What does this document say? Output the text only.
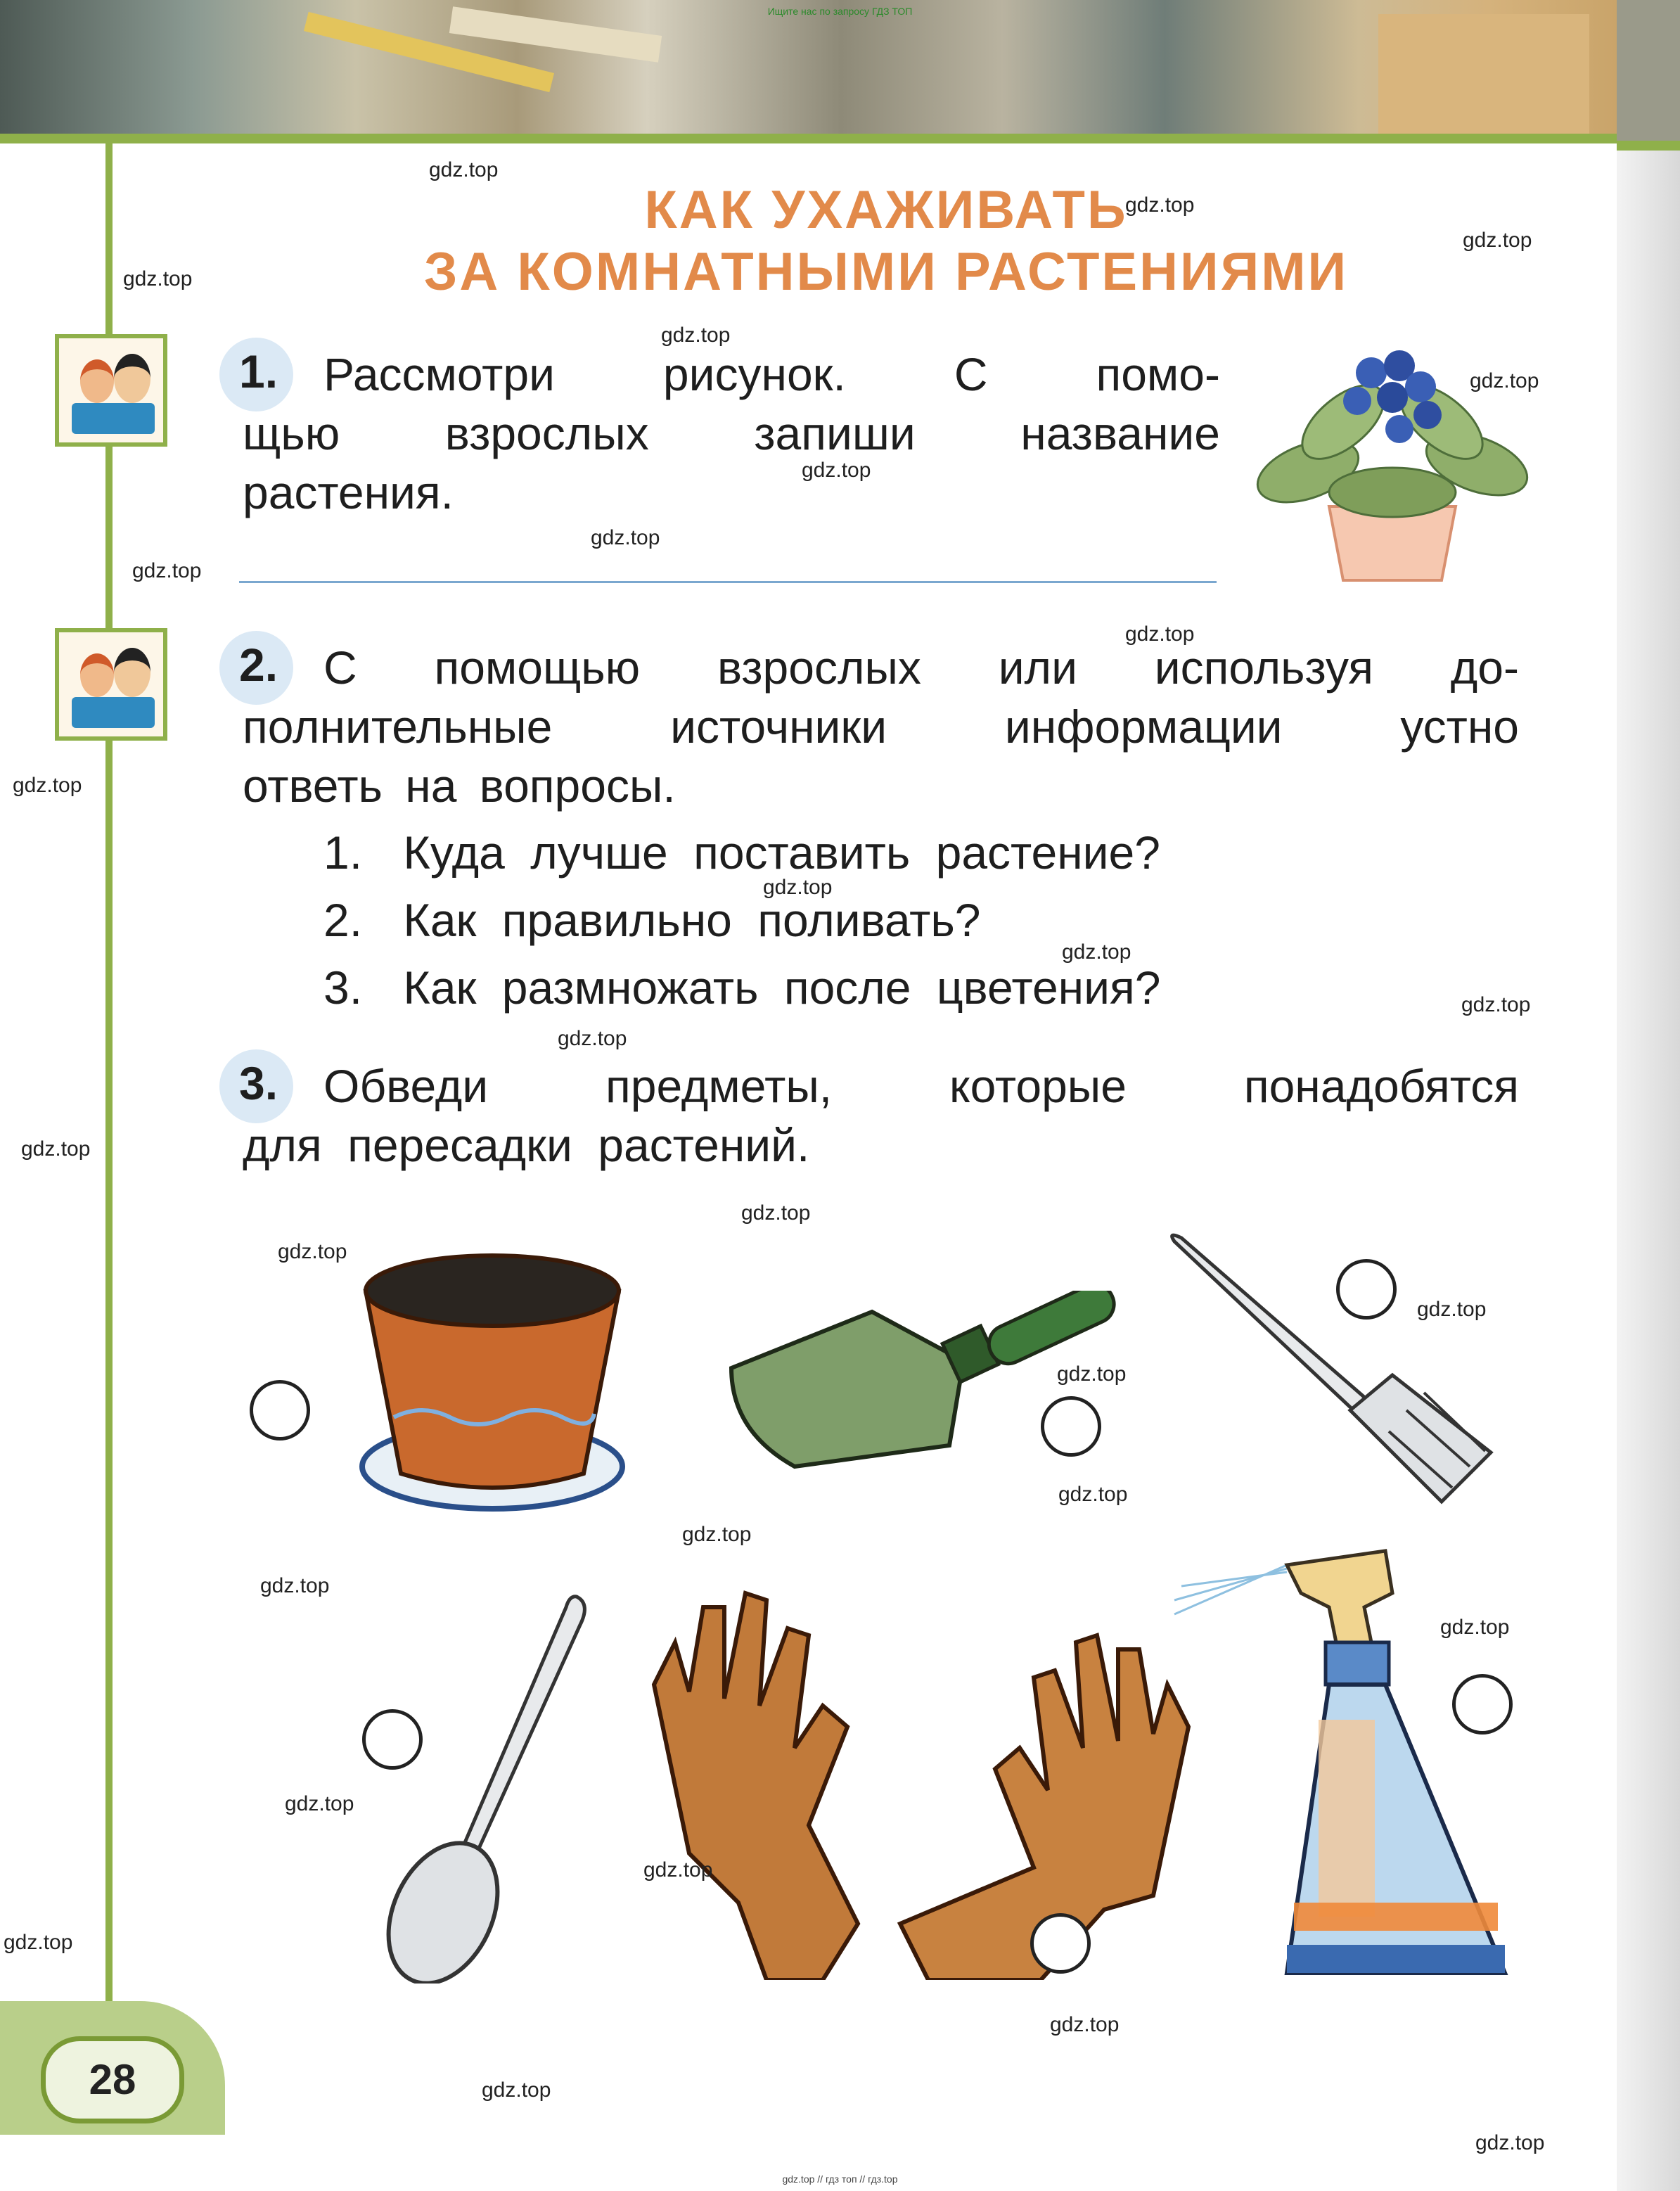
Ищите нас по запросу ГДЗ ТОП
КАК УХАЖИВАТЬ
ЗА КОМНАТНЫМИ РАСТЕНИЯМИ
1. Рассмотри рисунок. С помо-
щью взрослых запиши название
растения.
2. С помощью взрослых или используя до-
полнительные	источники	информации	устно
ответь на вопросы.
1. Куда лучше поставить растение?
2. Как правильно поливать?
3. Как размножать после цветения?
3. Обведи	предметы,	которые	понадобятся
для пересадки растений.
28
gdz.top
gdz.top
gdz.top
gdz.top
gdz.top
gdz.top
gdz.top
gdz.top
gdz.top
gdz.top
gdz.top
gdz.top
gdz.top
gdz.top
gdz.top
gdz.top
gdz.top
gdz.top
gdz.top
gdz.top
gdz.top
gdz.top
gdz.top
gdz.top
gdz.top
gdz.top
gdz.top
gdz.top
gdz.top
gdz.top
gdz.top // гдз топ // гдз.top
